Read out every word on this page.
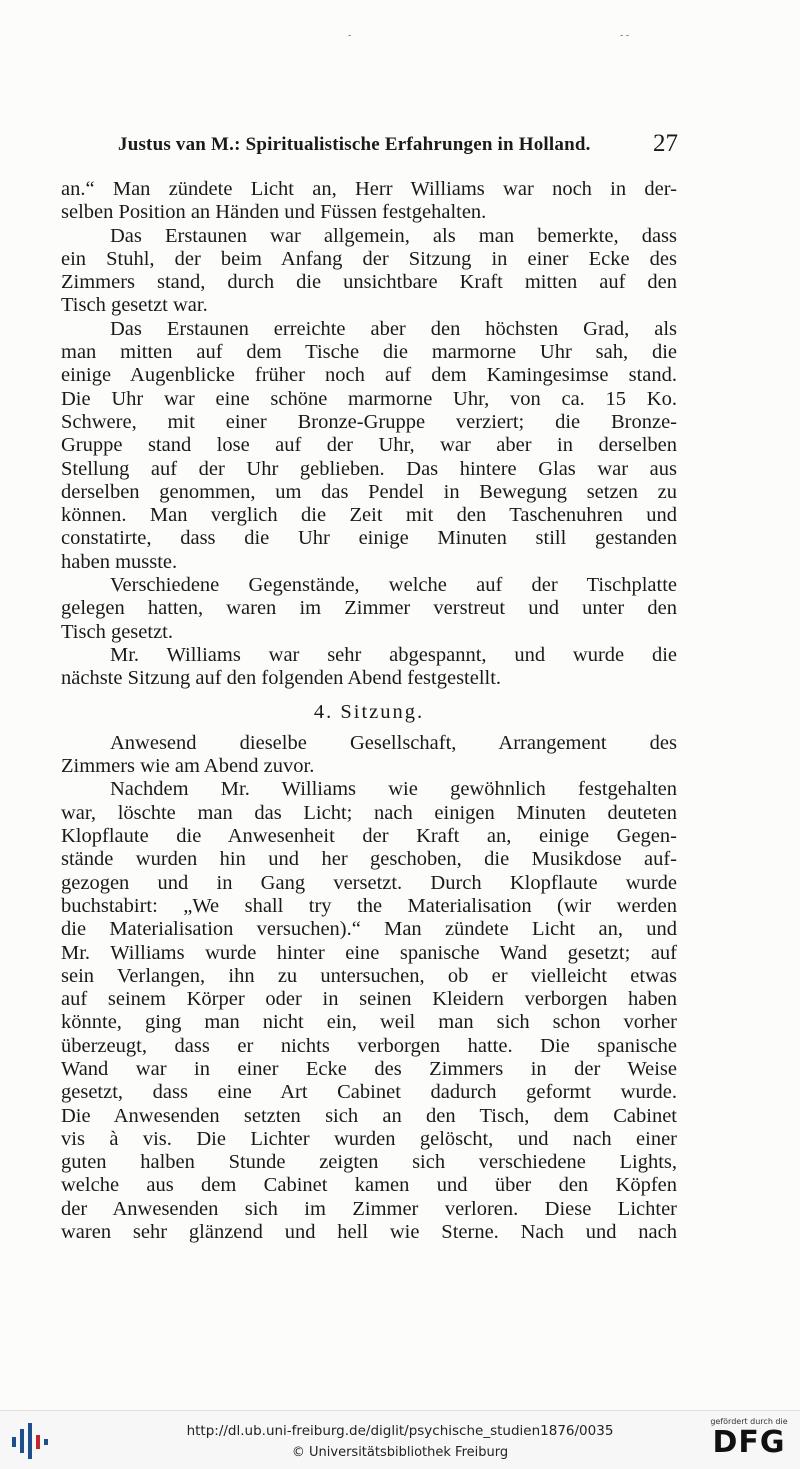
-	- -
Justus van M.: Spiritualistische Erfahrungen in Holland. 27
an.“ Man zündete Licht an, Herr Williams war noch in der-
selben Position an Händen und Füssen festgehalten.
Das Erstaunen war allgemein, als man bemerkte, dass
ein Stuhl, der beim Anfang der Sitzung in einer Ecke des
Zimmers stand, durch die unsichtbare Kraft mitten auf den
Tisch gesetzt war.
Das Erstaunen erreichte aber den höchsten Grad, als
man mitten auf dem Tische die marmorne Uhr sah, die
einige Augenblicke früher noch auf dem Kamingesimse stand.
Die Uhr war eine schöne marmorne Uhr, von ca. 15 Ko.
Schwere, mit einer Bronze-Gruppe verziert; die Bronze-
Gruppe stand lose auf der Uhr, war aber in derselben
Stellung auf der Uhr geblieben. Das hintere Glas war aus
derselben genommen, um das Pendel in Bewegung setzen zu
können. Man verglich die Zeit mit den Taschenuhren und
constatirte, dass die Uhr einige Minuten still gestanden
haben musste.
Verschiedene Gegenstände, welche auf der Tischplatte
gelegen hatten, waren im Zimmer verstreut und unter den
Tisch gesetzt.
Mr. Williams war sehr abgespannt, und wurde die
nächste Sitzung auf den folgenden Abend festgestellt.
4. Sitzung.
Anwesend dieselbe Gesellschaft, Arrangement des
Zimmers wie am Abend zuvor.
Nachdem Mr. Williams wie gewöhnlich festgehalten
war, löschte man das Licht; nach einigen Minuten deuteten
Klopflaute die Anwesenheit der Kraft an, einige Gegen-
stände wurden hin und her geschoben, die Musikdose auf-
gezogen und in Gang versetzt. Durch Klopflaute wurde
buchstabirt: „We shall try the Materialisation (wir werden
die Materialisation versuchen).“ Man zündete Licht an, und
Mr. Williams wurde hinter eine spanische Wand gesetzt; auf
sein Verlangen, ihn zu untersuchen, ob er vielleicht etwas
auf seinem Körper oder in seinen Kleidern verborgen haben
könnte, ging man nicht ein, weil man sich schon vorher
überzeugt, dass er nichts verborgen hatte. Die spanische
Wand war in einer Ecke des Zimmers in der Weise
gesetzt, dass eine Art Cabinet dadurch geformt wurde.
Die Anwesenden setzten sich an den Tisch, dem Cabinet
vis à vis. Die Lichter wurden gelöscht, und nach einer
guten halben Stunde zeigten sich verschiedene Lights,
welche aus dem Cabinet kamen und über den Köpfen
der Anwesenden sich im Zimmer verloren. Diese Lichter
waren sehr glänzend und hell wie Sterne. Nach und nach
http://dl.ub.uni-freiburg.de/diglit/psychische_studien1876/0035
© Universitätsbibliothek Freiburg
gefördert durch die
DFG
